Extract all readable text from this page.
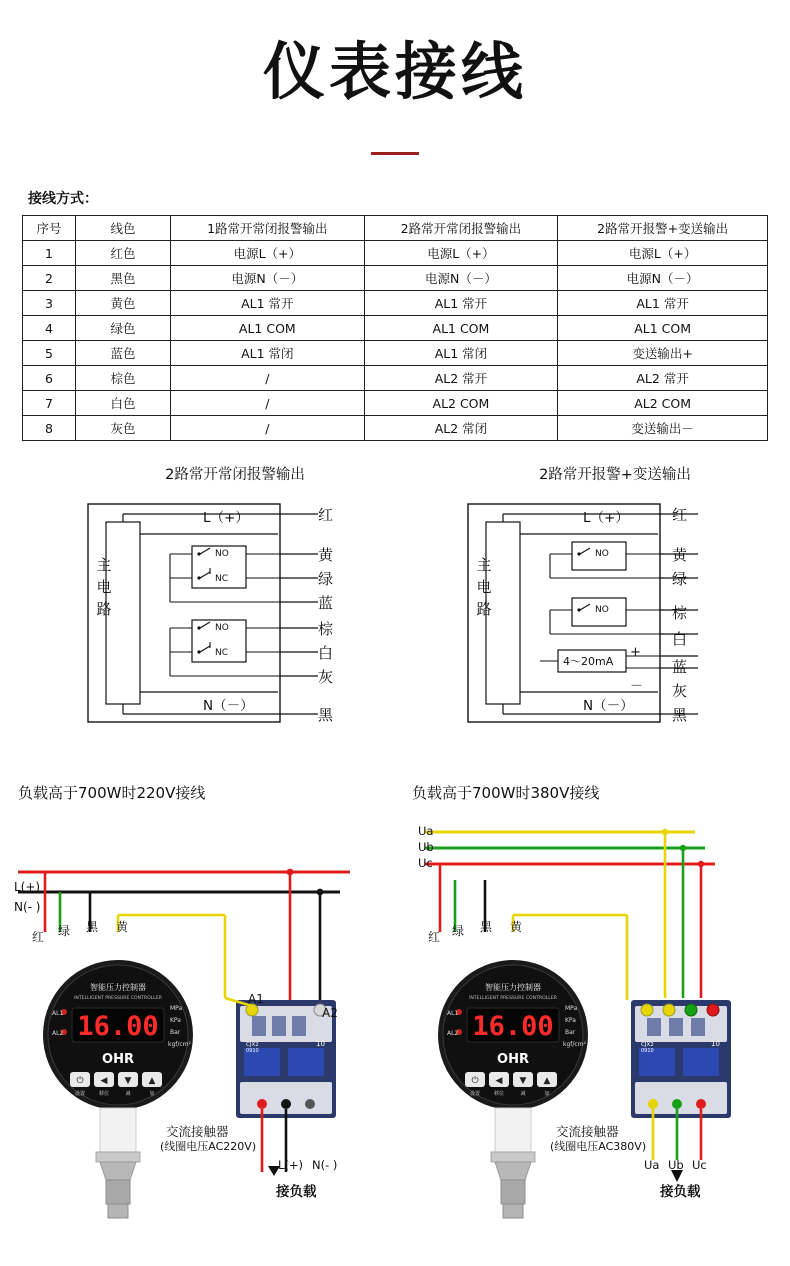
仪表接线
接线方式：
序号	线色	1路常开常闭报警输出	2路常开常闭报警输出	2路常开报警+变送输出
1	红色	电源L（+）	电源L（+）	电源L（+）
2	黑色	电源N（－）	电源N（－）	电源N（－）
3	黄色	AL1 常开	AL1 常开	AL1 常开
4	绿色	AL1 COM	AL1 COM	AL1 COM
5	蓝色	AL1 常闭	AL1 常闭	变送输出+
6	棕色	/	AL2 常开	AL2 常开
7	白色	/	AL2 COM	AL2 COM
8	灰色	/	AL2 常闭	变送输出－
2路常开常闭报警输出	2路常开报警+变送输出
NO
NC
NO
NC
L（+）
N（－）
主
电
路
红
黄
绿
蓝
棕
白
灰
黑
NO
NO
4～20mA
L（+）
N（－）
主
电
路
+
－
红
黄
绿
棕
白
蓝
灰
黑
负载高于700W时220V接线	负载高于700W时380V接线
16.00
AL1
AL2
MPa
KPa
Bar
kgf/cm²
智能压力控制器
INTELLIGENT PRESSURE CONTROLLER
OHR
⏻ ◀ ▼ ▲
设置	移位	减	加
CJX2
0910
10
L(+)
N(- )
红 绿 黑 黄
A1
A2
交流接触器
(线圈电压AC220V)
L(+) N(- )
接负载
16.00
AL1
AL2
MPa
KPa
Bar
kgf/cm²
智能压力控制器
INTELLIGENT PRESSURE CONTROLLER
OHR
⏻ ◀ ▼ ▲
设置	移位	减	加
CJX2
0910
10
Ua
Ub
Uc
红 绿 黑 黄
交流接触器
(线圈电压AC380V)
Ua Ub Uc
接负载
